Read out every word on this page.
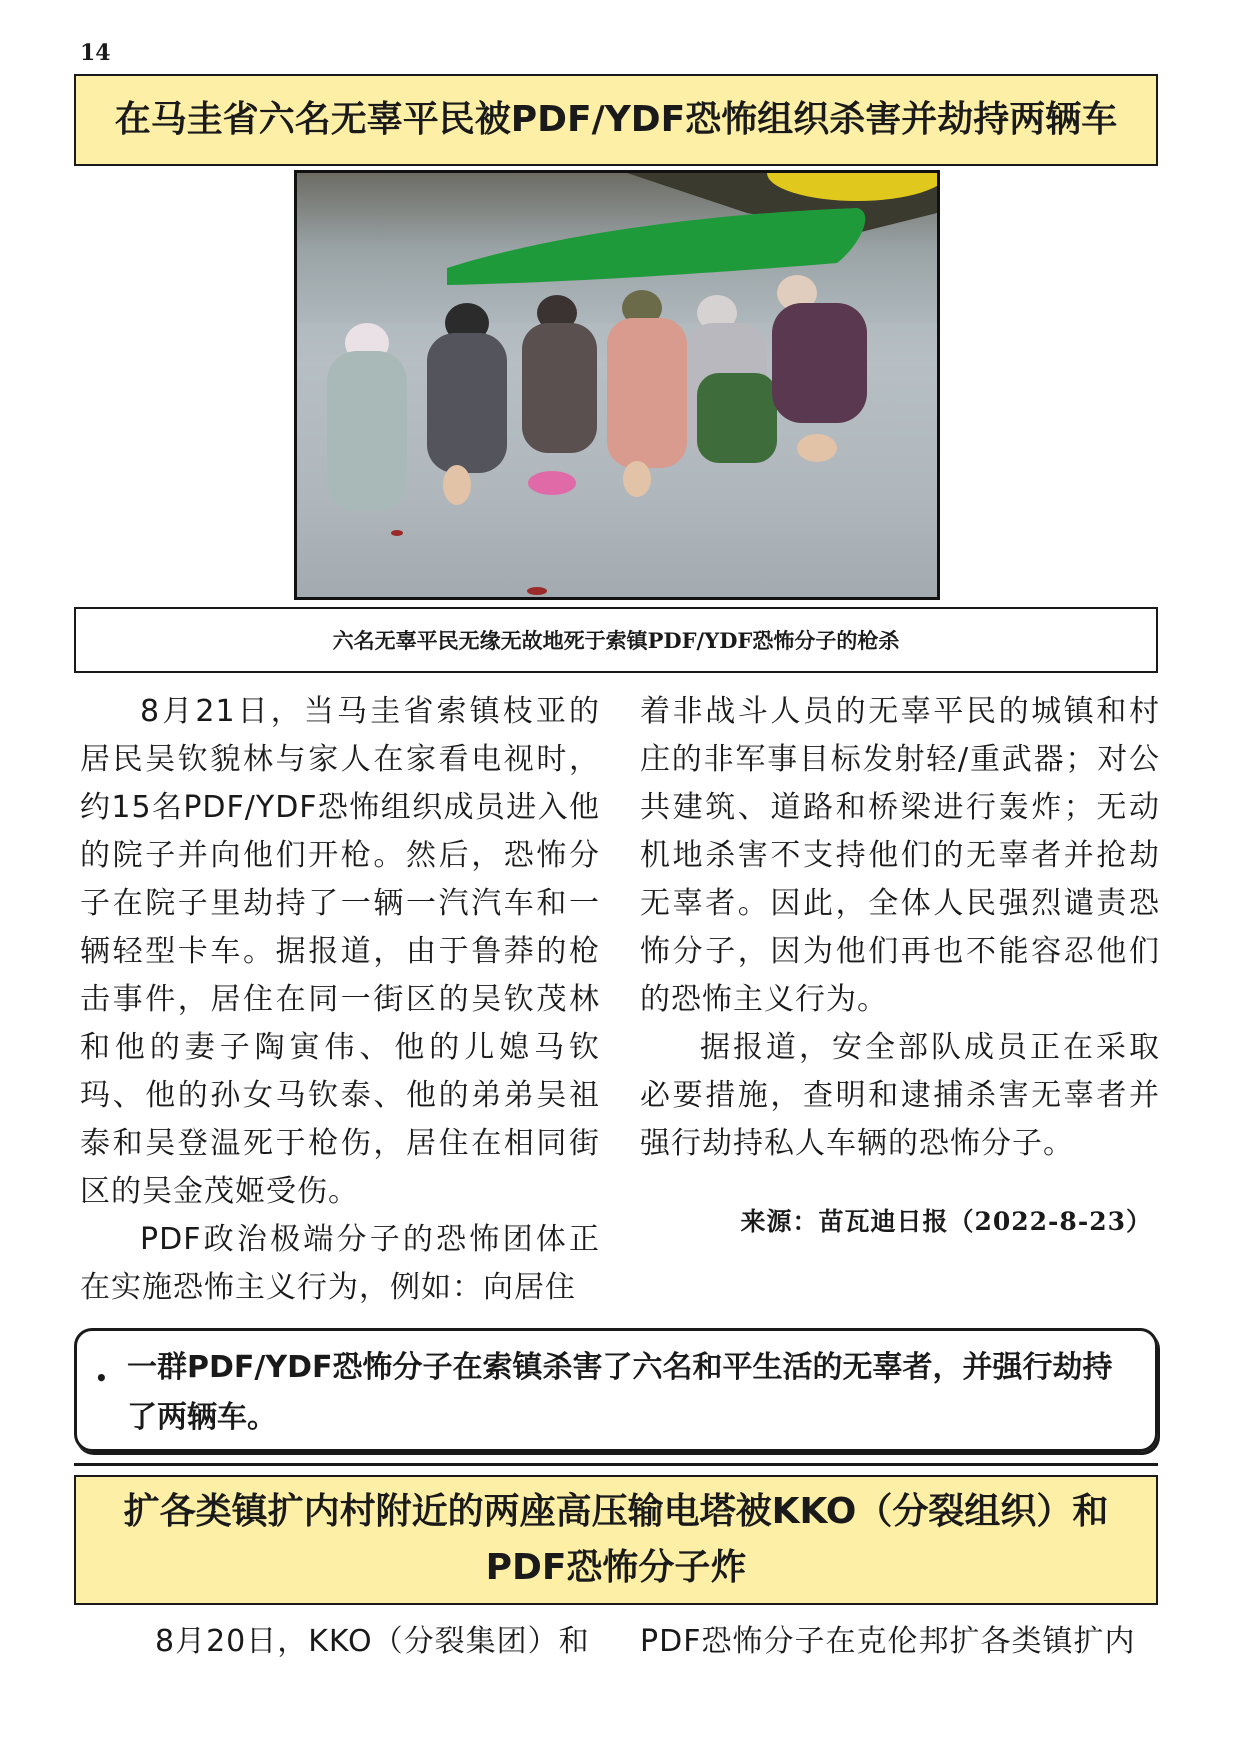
14
在马圭省六名无辜平民被PDF/YDF恐怖组织杀害并劫持两辆车
六名无辜平民无缘无故地死于索镇PDF/YDF恐怖分子的枪杀

8月21日，当马圭省索镇枝亚的居民吴钦貌林与家人在家看电视时，约15名PDF/YDF恐怖组织成员进入他的院子并向他们开枪。然后，恐怖分子在院子里劫持了一辆一汽汽车和一辆轻型卡车。据报道，由于鲁莽的枪击事件，居住在同一街区的吴钦茂林和他的妻子陶寅伟、他的儿媳马钦玛、他的孙女马钦泰、他的弟弟吴祖泰和吴登温死于枪伤，居住在相同街区的吴金茂姬受伤。

PDF政治极端分子的恐怖团体正在实施恐怖主义行为，例如：向居住

着非战斗人员的无辜平民的城镇和村庄的非军事目标发射轻/重武器；对公共建筑、道路和桥梁进行轰炸；无动机地杀害不支持他们的无辜者并抢劫无辜者。因此，全体人民强烈谴责恐怖分子，因为他们再也不能容忍他们的恐怖主义行为。

据报道，安全部队成员正在采取必要措施，查明和逮捕杀害无辜者并强行劫持私人车辆的恐怖分子。

来源：苗瓦迪日报（2022-8-23）

• 一群PDF/YDF恐怖分子在索镇杀害了六名和平生活的无辜者，并强行劫持了两辆车。
扩各类镇扩内村附近的两座高压输电塔被KKO（分裂组织）和PDF恐怖分子炸
8月20日，KKO（分裂集团）和	PDF恐怖分子在克伦邦扩各类镇扩内
